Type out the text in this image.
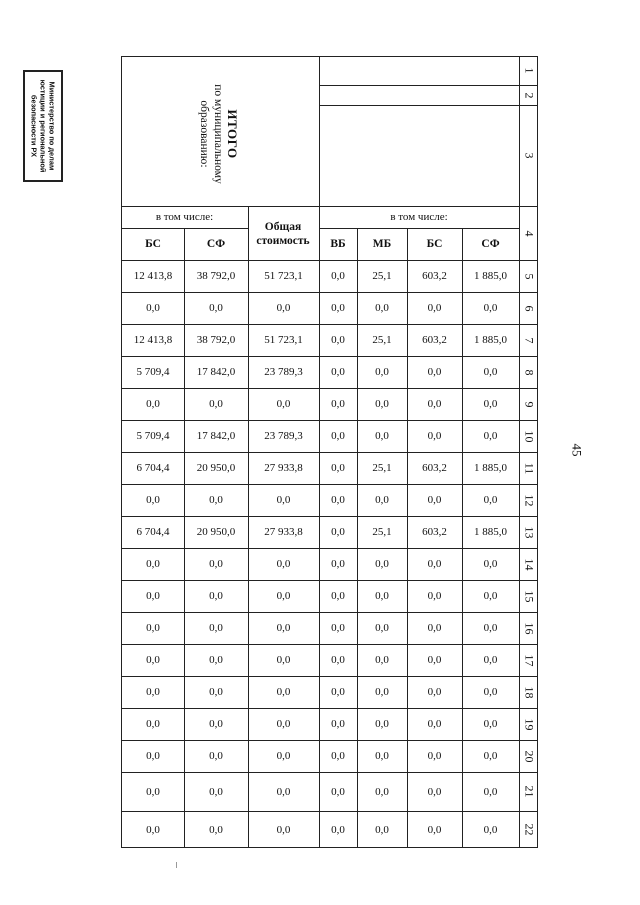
Министерство по делам
юстиции и региональной
безопасности РХ
45
ИТОГО
по муниципальному
образованию:
в том числе:	в том числе:
Общая
стоимость
БС	СФ	ВБ	МБ	БС	СФ
1
2
3
4
12 413,8	38 792,0	51 723,1	0,0	25,1	603,2	1 885,0	5
0,0	0,0	0,0	0,0	0,0	0,0	0,0	6
12 413,8	38 792,0	51 723,1	0,0	25,1	603,2	1 885,0	7
5 709,4	17 842,0	23 789,3	0,0	0,0	0,0	0,0	8
0,0	0,0	0,0	0,0	0,0	0,0	0,0	9
5 709,4	17 842,0	23 789,3	0,0	0,0	0,0	0,0	10
6 704,4	20 950,0	27 933,8	0,0	25,1	603,2	1 885,0	11
0,0	0,0	0,0	0,0	0,0	0,0	0,0	12
6 704,4	20 950,0	27 933,8	0,0	25,1	603,2	1 885,0	13
0,0	0,0	0,0	0,0	0,0	0,0	0,0	14
0,0	0,0	0,0	0,0	0,0	0,0	0,0	15
0,0	0,0	0,0	0,0	0,0	0,0	0,0	16
0,0	0,0	0,0	0,0	0,0	0,0	0,0	17
0,0	0,0	0,0	0,0	0,0	0,0	0,0	18
0,0	0,0	0,0	0,0	0,0	0,0	0,0	19
0,0	0,0	0,0	0,0	0,0	0,0	0,0	20
0,0	0,0	0,0	0,0	0,0	0,0	0,0	21
0,0	0,0	0,0	0,0	0,0	0,0	0,0	22
